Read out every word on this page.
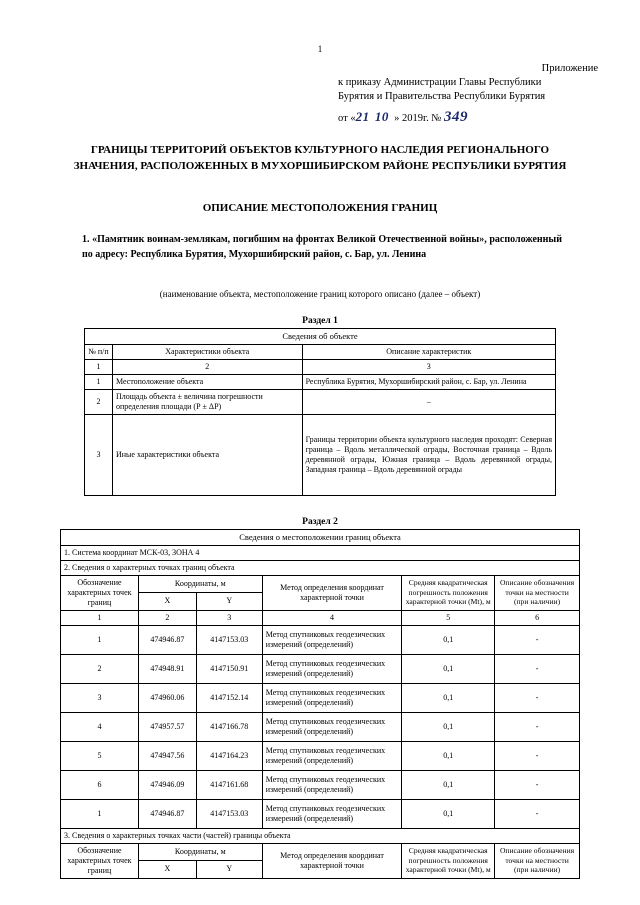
1
Приложение
к приказу Администрации Главы Республики
Бурятия и Правительства Республики Бурятия
от «21 10 » 2019г. № 349
ГРАНИЦЫ ТЕРРИТОРИЙ ОБЪЕКТОВ КУЛЬТУРНОГО НАСЛЕДИЯ РЕГИОНАЛЬНОГО ЗНАЧЕНИЯ, РАСПОЛОЖЕННЫХ В МУХОРШИБИРСКОМ РАЙОНЕ РЕСПУБЛИКИ БУРЯТИЯ
ОПИСАНИЕ МЕСТОПОЛОЖЕНИЯ ГРАНИЦ
1. «Памятник воинам-землякам, погибшим на фронтах Великой Отечественной войны», расположенный по адресу: Республика Бурятия, Мухоршибирский район, с. Бар, ул. Ленина
(наименование объекта, местоположение границ которого описано (далее – объект)
Раздел 1
Сведения об объекте		
№ п/п	Характеристики объекта	Описание характеристик
1	2	3
1	Местоположение объекта	Республика Бурятия, Мухоршибирский район, с. Бар, ул. Ленина
2	Площадь объекта ± величина погрешности определения площади (Р ± ΔР)	–
3	Иные характеристики объекта	Границы территории объекта культурного наследия проходят: Северная граница – Вдоль металлической ограды, Восточная граница – Вдоль деревянной ограды, Южная граница – Вдоль деревянной ограды, Западная граница – Вдоль деревянной ограды
Раздел 2
Сведения о местоположении границ объекта					
1. Система координат МСК-03, ЗОНА 4					
2. Сведения о характерных точках границ объекта					
Обозначение характерных точек границ	Координаты, м		Метод определения координат характерной точки	Средняя квадратическая погрешность положения характерной точки (Мt), м	Описание обозначения точки на местности (при наличии)
	X	Y			
1	2	3	4	5	6
1	474946.87	4147153.03	Метод спутниковых геодезических измерений (определений)	0,1	-
2	474948.91	4147150.91	Метод спутниковых геодезических измерений (определений)	0,1	-
3	474960.06	4147152.14	Метод спутниковых геодезических измерений (определений)	0,1	-
4	474957.57	4147166.78	Метод спутниковых геодезических измерений (определений)	0,1	-
5	474947.56	4147164.23	Метод спутниковых геодезических измерений (определений)	0,1	-
6	474946.09	4147161.68	Метод спутниковых геодезических измерений (определений)	0,1	-
1	474946.87	4147153.03	Метод спутниковых геодезических измерений (определений)	0,1	-
3. Сведения о характерных точках части (частей) границы объекта					
Обозначение характерных точек границ	Координаты, м		Метод определения координат характерной точки	Средняя квадратическая погрешность положения характерной точки (Мt), м	Описание обозначения точки на местности (при наличии)
	X	Y			
